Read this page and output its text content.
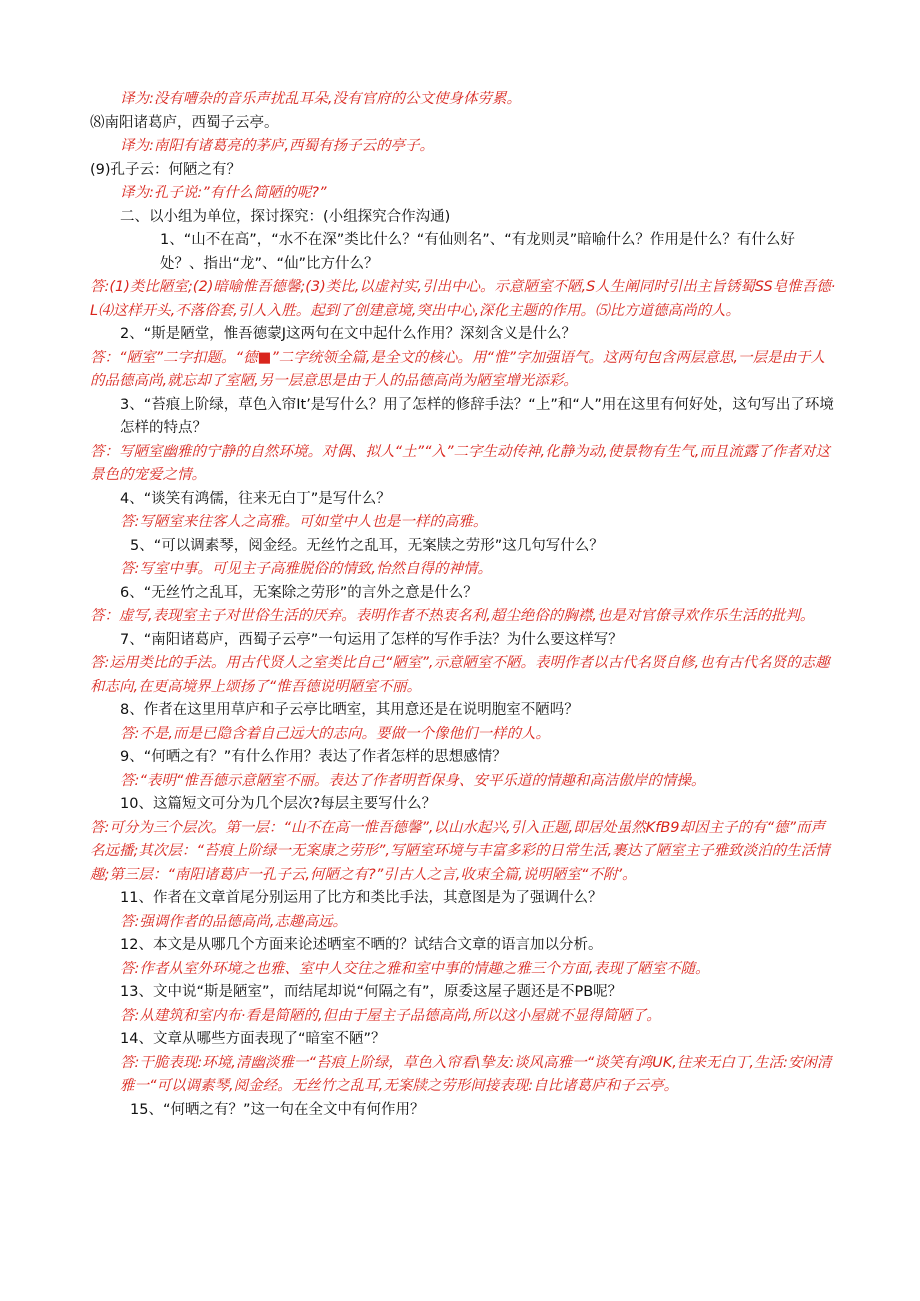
译为:没有嘈杂的音乐声扰乱耳朵,没有官府的公文使身体劳累。
⑻南阳诸葛庐，西蜀子云亭。
译为:南阳有诸葛亮的茅庐,西蜀有扬子云的亭子。
(9)孔子云：何陋之有？
译为:孔子说:”有什么简陋的呢?”
二、以小组为单位，探讨探究：(小组探究合作沟通)
1、“山不在高”，“水不在深”类比什么？“有仙则名”、“有龙则灵”暗喻什么？作用是什么？有什么好处？、指出“龙”、“仙”比方什么？
答:(1)类比陋室;(2)暗喻惟吾德馨;(3)类比,以虚衬实,引出中心。示意陋室不陋,S人生阐同时引出主旨锈蜀SS皂惟吾德·L⑷这样开头,不落俗套,引人入胜。起到了创建意境,突出中心,深化主题的作用。⑸比方道德高尚的人。
2、“斯是陋堂，惟吾德蒙J这两句在文中起什么作用？深刻含义是什么？
答：“陋室”二字扣题。“德■”二字统领全篇,是全文的核心。用“惟”字加强语气。这两句包含两层意思,一层是由于人的品德高尚,就忘却了室陋,另一层意思是由于人的品德高尚为陋室增光添彩。
3、“苔痕上阶绿，草色入帘It’是写什么？用了怎样的修辞手法？“上”和“人”用在这里有何好处，这句写出了环境怎样的特点？
答：写陋室幽雅的宁静的自然环境。对偶、拟人“土”“入”二字生动传神,化静为动,使景物有生气,而且流露了作者对这景色的宠爱之情。
4、“谈笑有鸿儒，往来无白丁”是写什么？
答:写陋室来往客人之高雅。可如堂中人也是一样的高雅。
5、“可以调素琴，阅金经。无丝竹之乱耳，无案牍之劳形”这几句写什么？
答:写室中事。可见主子高雅脱俗的情致,怡然自得的神情。
6、“无丝竹之乱耳，无案除之劳形”的言外之意是什么？
答：虚写,表现室主子对世俗生活的厌弃。表明作者不热衷名利,超尘绝俗的胸襟,也是对官僚寻欢作乐生活的批判。
7、“南阳诸葛庐，西蜀子云亭”一句运用了怎样的写作手法？为什么要这样写？
答:运用类比的手法。用古代贤人之室类比自己“陋室”,示意陋室不陋。表明作者以古代名贤自修,也有古代名贤的志趣和志向,在更高境界上颂扬了“惟吾德说明陋室不丽。
8、作者在这里用草庐和子云亭比晒室，其用意还是在说明胞室不陋吗？
答:不是,而是已隐含着自己远大的志向。要做一个像他们一样的人。
9、“何晒之有？”有什么作用？表达了作者怎样的思想感情？
答:“表明“惟吾德示意陋室不丽。表达了作者明哲保身、安平乐道的情趣和高洁傲岸的情操。
10、这篇短文可分为几个层次?每层主要写什么？
答:可分为三个层次。第一层：“山不在高一惟吾德馨”,以山水起兴,引入正题,即居处虽然KfB9却因主子的有“德”而声名远播;其次层：“苔痕上阶绿一无案康之劳形”,写陋室环境与丰富多彩的日常生活,裹达了陋室主子雅致淡泊的生活情趣;第三层：“南阳诸葛庐一孔子云,何陋之有?”引古人之言,收束全篇,说明陋室“不附’。
11、作者在文章首尾分别运用了比方和类比手法，其意图是为了强调什么？
答:强调作者的品德高尚,志趣高远。
12、本文是从哪几个方面来论述晒室不晒的？试结合文章的语言加以分析。
答:作者从室外环境之也雅、室中人交往之雅和室中事的情趣之雅三个方面,表现了陋室不随。
13、文中说“斯是陋室”，而结尾却说“何隔之有”，原委这屋子题还是不PB呢？
答:从建筑和室内布·看是简陋的,但由于屋主子品德高尚,所以这小屋就不显得简陋了。
14、文章从哪些方面表现了“暗室不陋”？
答:干脆表现:环境,清幽淡雅一“苔痕上阶绿，草色入帘看\挚友:谈风高雅一“谈笑有鸿UK,往来无白丁,生活:安闲清雅一“可以调素琴,阅金经。无丝竹之乱耳,无案牍之劳形间接表现:自比诸葛庐和子云亭。
15、“何晒之有？”这一句在全文中有何作用？
